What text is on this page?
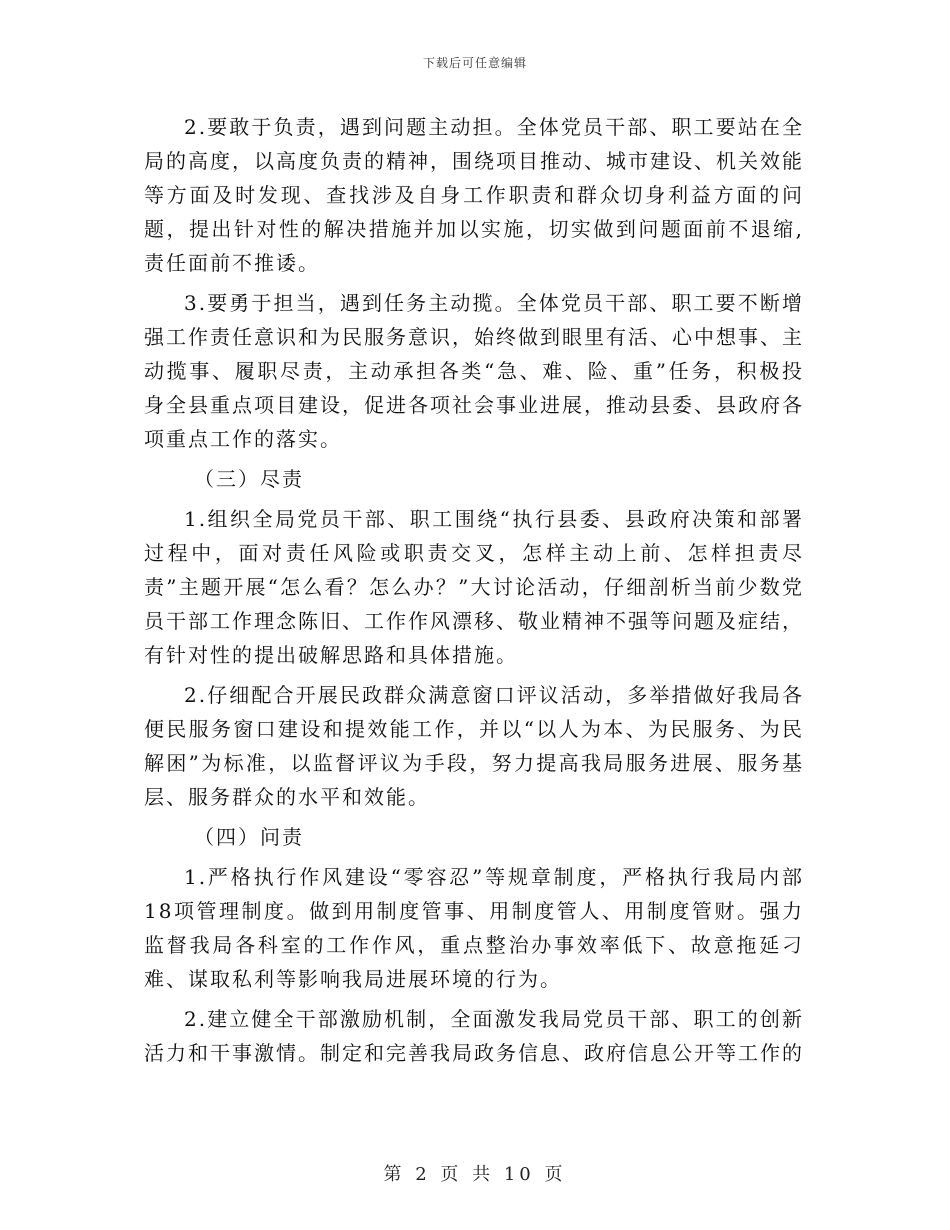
下载后可任意编辑

2.要敢于负责，遇到问题主动担。全体党员干部、职工要站在全局的高度，以高度负责的精神，围绕项目推动、城市建设、机关效能等方面及时发现、查找涉及自身工作职责和群众切身利益方面的问题，提出针对性的解决措施并加以实施，切实做到问题面前不退缩,责任面前不推诿。

3.要勇于担当，遇到任务主动揽。全体党员干部、职工要不断增强工作责任意识和为民服务意识，始终做到眼里有活、心中想事、主动揽事、履职尽责，主动承担各类“急、难、险、重”任务，积极投身全县重点项目建设，促进各项社会事业进展，推动县委、县政府各项重点工作的落实。

（三）尽责

1.组织全局党员干部、职工围绕“执行县委、县政府决策和部署过程中，面对责任风险或职责交叉，怎样主动上前、怎样担责尽责”主题开展“怎么看？怎么办？”大讨论活动，仔细剖析当前少数党员干部工作理念陈旧、工作作风漂移、敬业精神不强等问题及症结，有针对性的提出破解思路和具体措施。

2.仔细配合开展民政群众满意窗口评议活动，多举措做好我局各便民服务窗口建设和提效能工作，并以“以人为本、为民服务、为民解困”为标准，以监督评议为手段，努力提高我局服务进展、服务基层、服务群众的水平和效能。

（四）问责

1.严格执行作风建设“零容忍”等规章制度，严格执行我局内部18项管理制度。做到用制度管事、用制度管人、用制度管财。强力监督我局各科室的工作作风，重点整治办事效率低下、故意拖延刁难、谋取私利等影响我局进展环境的行为。

2.建立健全干部激励机制，全面激发我局党员干部、职工的创新活力和干事激情。制定和完善我局政务信息、政府信息公开等工作的

第 2 页 共 10 页
